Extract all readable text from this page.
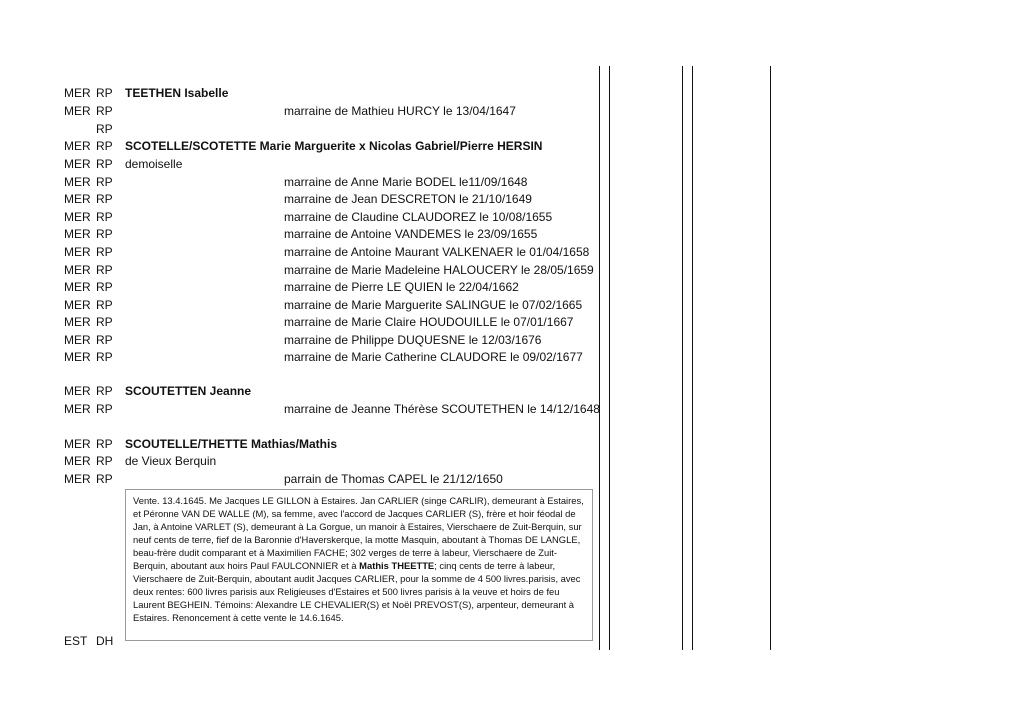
MER RP TEETHEN Isabelle
MER RP	marraine de Mathieu HURCY le 13/04/1647
RP
MER RP SCOTELLE/SCOTETTE Marie Marguerite x Nicolas Gabriel/Pierre HERSIN
MER RP demoiselle
MER RP	marraine de Anne Marie BODEL le11/09/1648
MER RP	marraine de Jean DESCRETON le 21/10/1649
MER RP	marraine de Claudine CLAUDOREZ le 10/08/1655
MER RP	marraine de Antoine VANDEMES le 23/09/1655
MER RP	marraine de Antoine Maurant VALKENAER le 01/04/1658
MER RP	marraine de Marie Madeleine HALOUCERY le 28/05/1659
MER RP	marraine de Pierre LE QUIEN le 22/04/1662
MER RP	marraine de Marie Marguerite SALINGUE le 07/02/1665
MER RP	marraine de Marie Claire HOUDOUILLE le 07/01/1667
MER RP	marraine de Philippe DUQUESNE le 12/03/1676
MER RP	marraine de Marie Catherine CLAUDORE le 09/02/1677
MER RP SCOUTETTEN Jeanne
MER RP	marraine de Jeanne Thérèse SCOUTETHEN le 14/12/1648
MER RP SCOUTELLE/THETTE Mathias/Mathis
MER RP de Vieux Berquin
MER RP	parrain de Thomas CAPEL le 21/12/1650
EST DH
Vente. 13.4.1645. Me Jacques LE GILLON à Estaires. Jan CARLIER (singe CARLIR), demeurant à Estaires, et Péronne VAN DE WALLE (M), sa femme, avec l'accord de Jacques CARLIER (S), frère et hoir féodal de Jan, à Antoine VARLET (S), demeurant à La Gorgue, un manoir à Estaires, Vierschaere de Zuit-Berquin, sur neuf cents de terre, fief de la Baronnie d'Haverskerque, la motte Masquin, aboutant à Thomas DE LANGLE, beau-frère dudit comparant et à Maximilien FACHE; 302 verges de terre à labeur, Vierschaere de Zuit-Berquin, aboutant aux hoirs Paul FAULCONNIER et à Mathis THEETTE; cinq cents de terre à labeur, Vierschaere de Zuit-Berquin, aboutant audit Jacques CARLIER, pour la somme de 4 500 livres.parisis, avec deux rentes: 600 livres parisis aux Religieuses d'Estaires et 500 livres parisis à la veuve et hoirs de feu Laurent BEGHEIN. Témoins: Alexandre LE CHEVALIER(S) et Noël PREVOST(S), arpenteur, demeurant à Estaires. Renoncement à cette vente le 14.6.1645.
